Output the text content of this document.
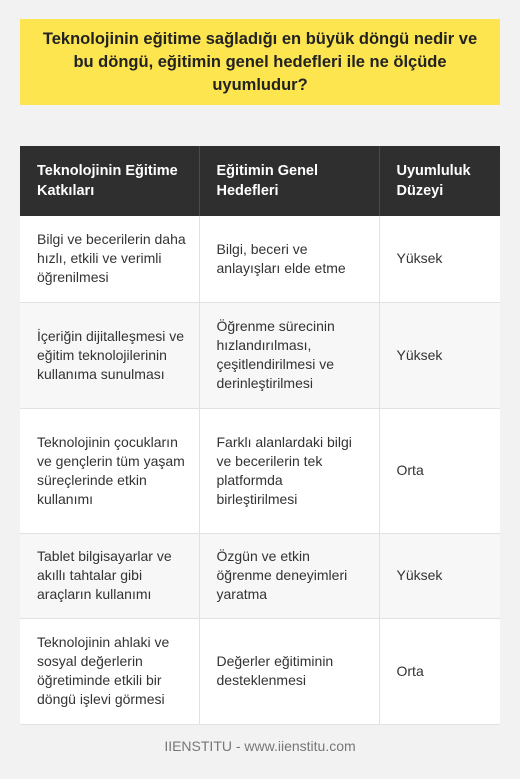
Teknolojinin eğitime sağladığı en büyük döngü nedir ve bu döngü, eğitimin genel hedefleri ile ne ölçüde uyumludur?
Teknolojinin Eğitime Katkıları	Eğitimin Genel Hedefleri	Uyumluluk Düzeyi
Bilgi ve becerilerin daha hızlı, etkili ve verimli öğrenilmesi	Bilgi, beceri ve anlayışları elde etme	Yüksek
İçeriğin dijitalleşmesi ve eğitim teknolojilerinin kullanıma sunulması	Öğrenme sürecinin hızlandırılması, çeşitlendirilmesi ve derinleştirilmesi	Yüksek
Teknolojinin çocukların ve gençlerin tüm yaşam süreçlerinde etkin kullanımı	Farklı alanlardaki bilgi ve becerilerin tek platformda birleştirilmesi	Orta
Tablet bilgisayarlar ve akıllı tahtalar gibi araçların kullanımı	Özgün ve etkin öğrenme deneyimleri yaratma	Yüksek
Teknolojinin ahlaki ve sosyal değerlerin öğretiminde etkili bir döngü işlevi görmesi	Değerler eğitiminin desteklenmesi	Orta
IIENSTITU - www.iienstitu.com
